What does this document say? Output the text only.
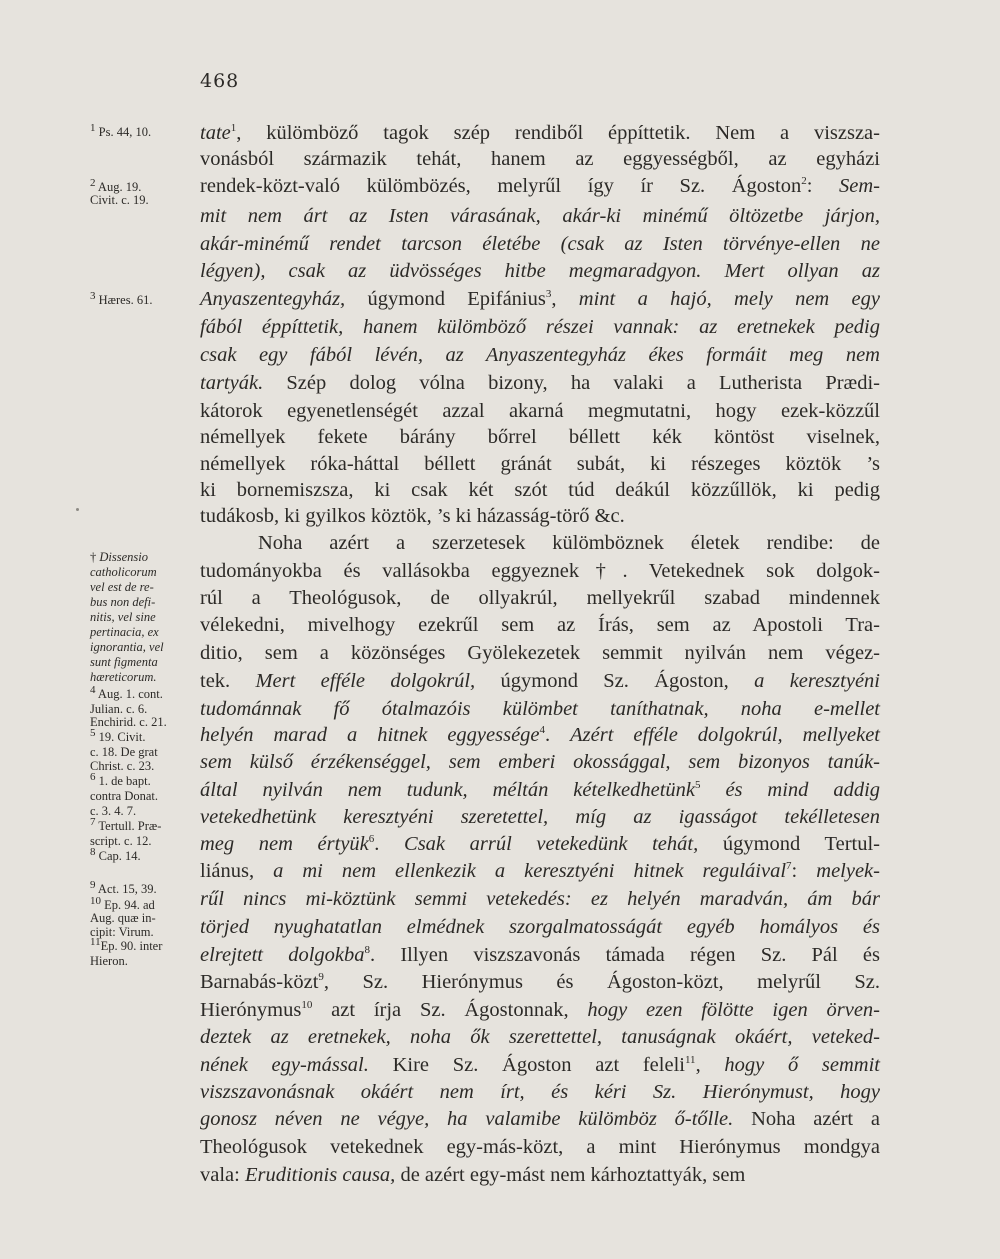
468
tate$^1$, külömböző tagok szép rendiből éppíttetik. Nem a viszsza-
vonásból származik tehát, hanem az eggyességből, az egyházi
rendek-közt-való külömbözés, melyrűl így ír Sz. Ágoston$^2$: Sem-
mit nem árt az Isten várasának, akár-ki minémű öltözetbe járjon,
akár-minémű rendet tarcson életébe (csak az Isten törvénye-ellen ne
légyen), csak az üdvösséges hitbe megmaradgyon. Mert ollyan az
Anyaszentegyház, úgymond Epifánius$^3$, mint a hajó, mely nem egy
fából éppíttetik, hanem külömböző részei vannak: az eretnekek pedig
csak egy fából lévén, az Anyaszentegyház ékes formáit meg nem
tartyák. Szép dolog vólna bizony, ha valaki a Lutherista Prædi-
kátorok egyenetlenségét azzal akarná megmutatni, hogy ezek-közzűl
némellyek fekete bárány bőrrel béllett kék köntöst viselnek,
némellyek róka-háttal béllett gránát subát, ki részeges köztök ’s
ki bornemiszsza, ki csak két szót túd deákúl közzűllök, ki pedig
tudákosb, ki gyilkos köztök, ’s ki házasság-törő &c.
Noha azért a szerzetesek külömböznek életek rendibe: de
tudományokba és vallásokba eggyeznek†. Vetekednek sok dolgok-
rúl a Theológusok, de ollyakrúl, mellyekrűl szabad mindennek
vélekedni, mivelhogy ezekrűl sem az Írás, sem az Apostoli Tra-
ditio, sem a közönséges Gyölekezetek semmit nyilván nem végez-
tek. Mert efféle dolgokrúl, úgymond Sz. Ágoston, a keresztyéni
tudománnak fő ótalmazóis külömbet taníthatnak, noha e-mellet
helyén marad a hitnek eggyessége$^4$. Azért efféle dolgokrúl, mellyeket
sem külső érzékenséggel, sem emberi okossággal, sem bizonyos tanúk-
által nyilván nem tudunk, méltán kételkedhetünk$^5$ és mind addig
vetekedhetünk keresztyéni szeretettel, míg az igasságot tekélletesen
meg nem értyük$^6$. Csak arrúl vetekedünk tehát, úgymond Tertul-
liánus, a mi nem ellenkezik a keresztyéni hitnek reguláival$^7$: melyek-
rűl nincs mi-köztünk semmi vetekedés: ez helyén maradván, ám bár
törjed nyughatatlan elmédnek szorgalmatosságát egyéb homályos és
elrejtett dolgokba$^8$. Illyen viszszavonás támada régen Sz. Pál és
Barnabás-közt$^9$, Sz. Hierónymus és Ágoston-közt, melyrűl Sz.
Hierónymus$^{10}$ azt írja Sz. Ágostonnak, hogy ezen fölötte igen örven-
deztek az eretnekek, noha ők szerettettel, tanuságnak okáért, veteked-
nének egy-mással. Kire Sz. Ágoston azt feleli$^{11}$, hogy ő semmit
viszszavonásnak okáért nem írt, és kéri Sz. Hierónymust, hogy
gonosz néven ne végye, ha valamibe külömböz ő-tőlle. Noha azért a
Theológusok vetekednek egy-más-közt, a mint Hierónymus mondgya
vala: Eruditionis causa, de azért egy-mást nem kárhoztattyák, sem
$^1$ Ps. 44, 10.
$^2$ Aug. 19.
Civit. c. 19.
$^3$ Hæres. 61.
† Dissensio
catholicorum
vel est de re-
bus non defi-
nitis, vel sine
pertinacia, ex
ignorantia, vel
sunt figmenta
hæreticorum.
$^4$ Aug. 1. cont.
Julian. c. 6.
Enchirid. c. 21.
$^5$ 19. Civit.
c. 18. De grat
Christ. c. 23.
$^6$ 1. de bapt.
contra Donat.
c. 3. 4. 7.
$^7$ Tertull. Præ-
script. c. 12.
$^8$ Cap. 14.
$^9$ Act. 15, 39.
$^{10}$ Ep. 94. ad
Aug. quæ in-
cipit: Virum.
$^{11}$Ep. 90. inter
Hieron.
